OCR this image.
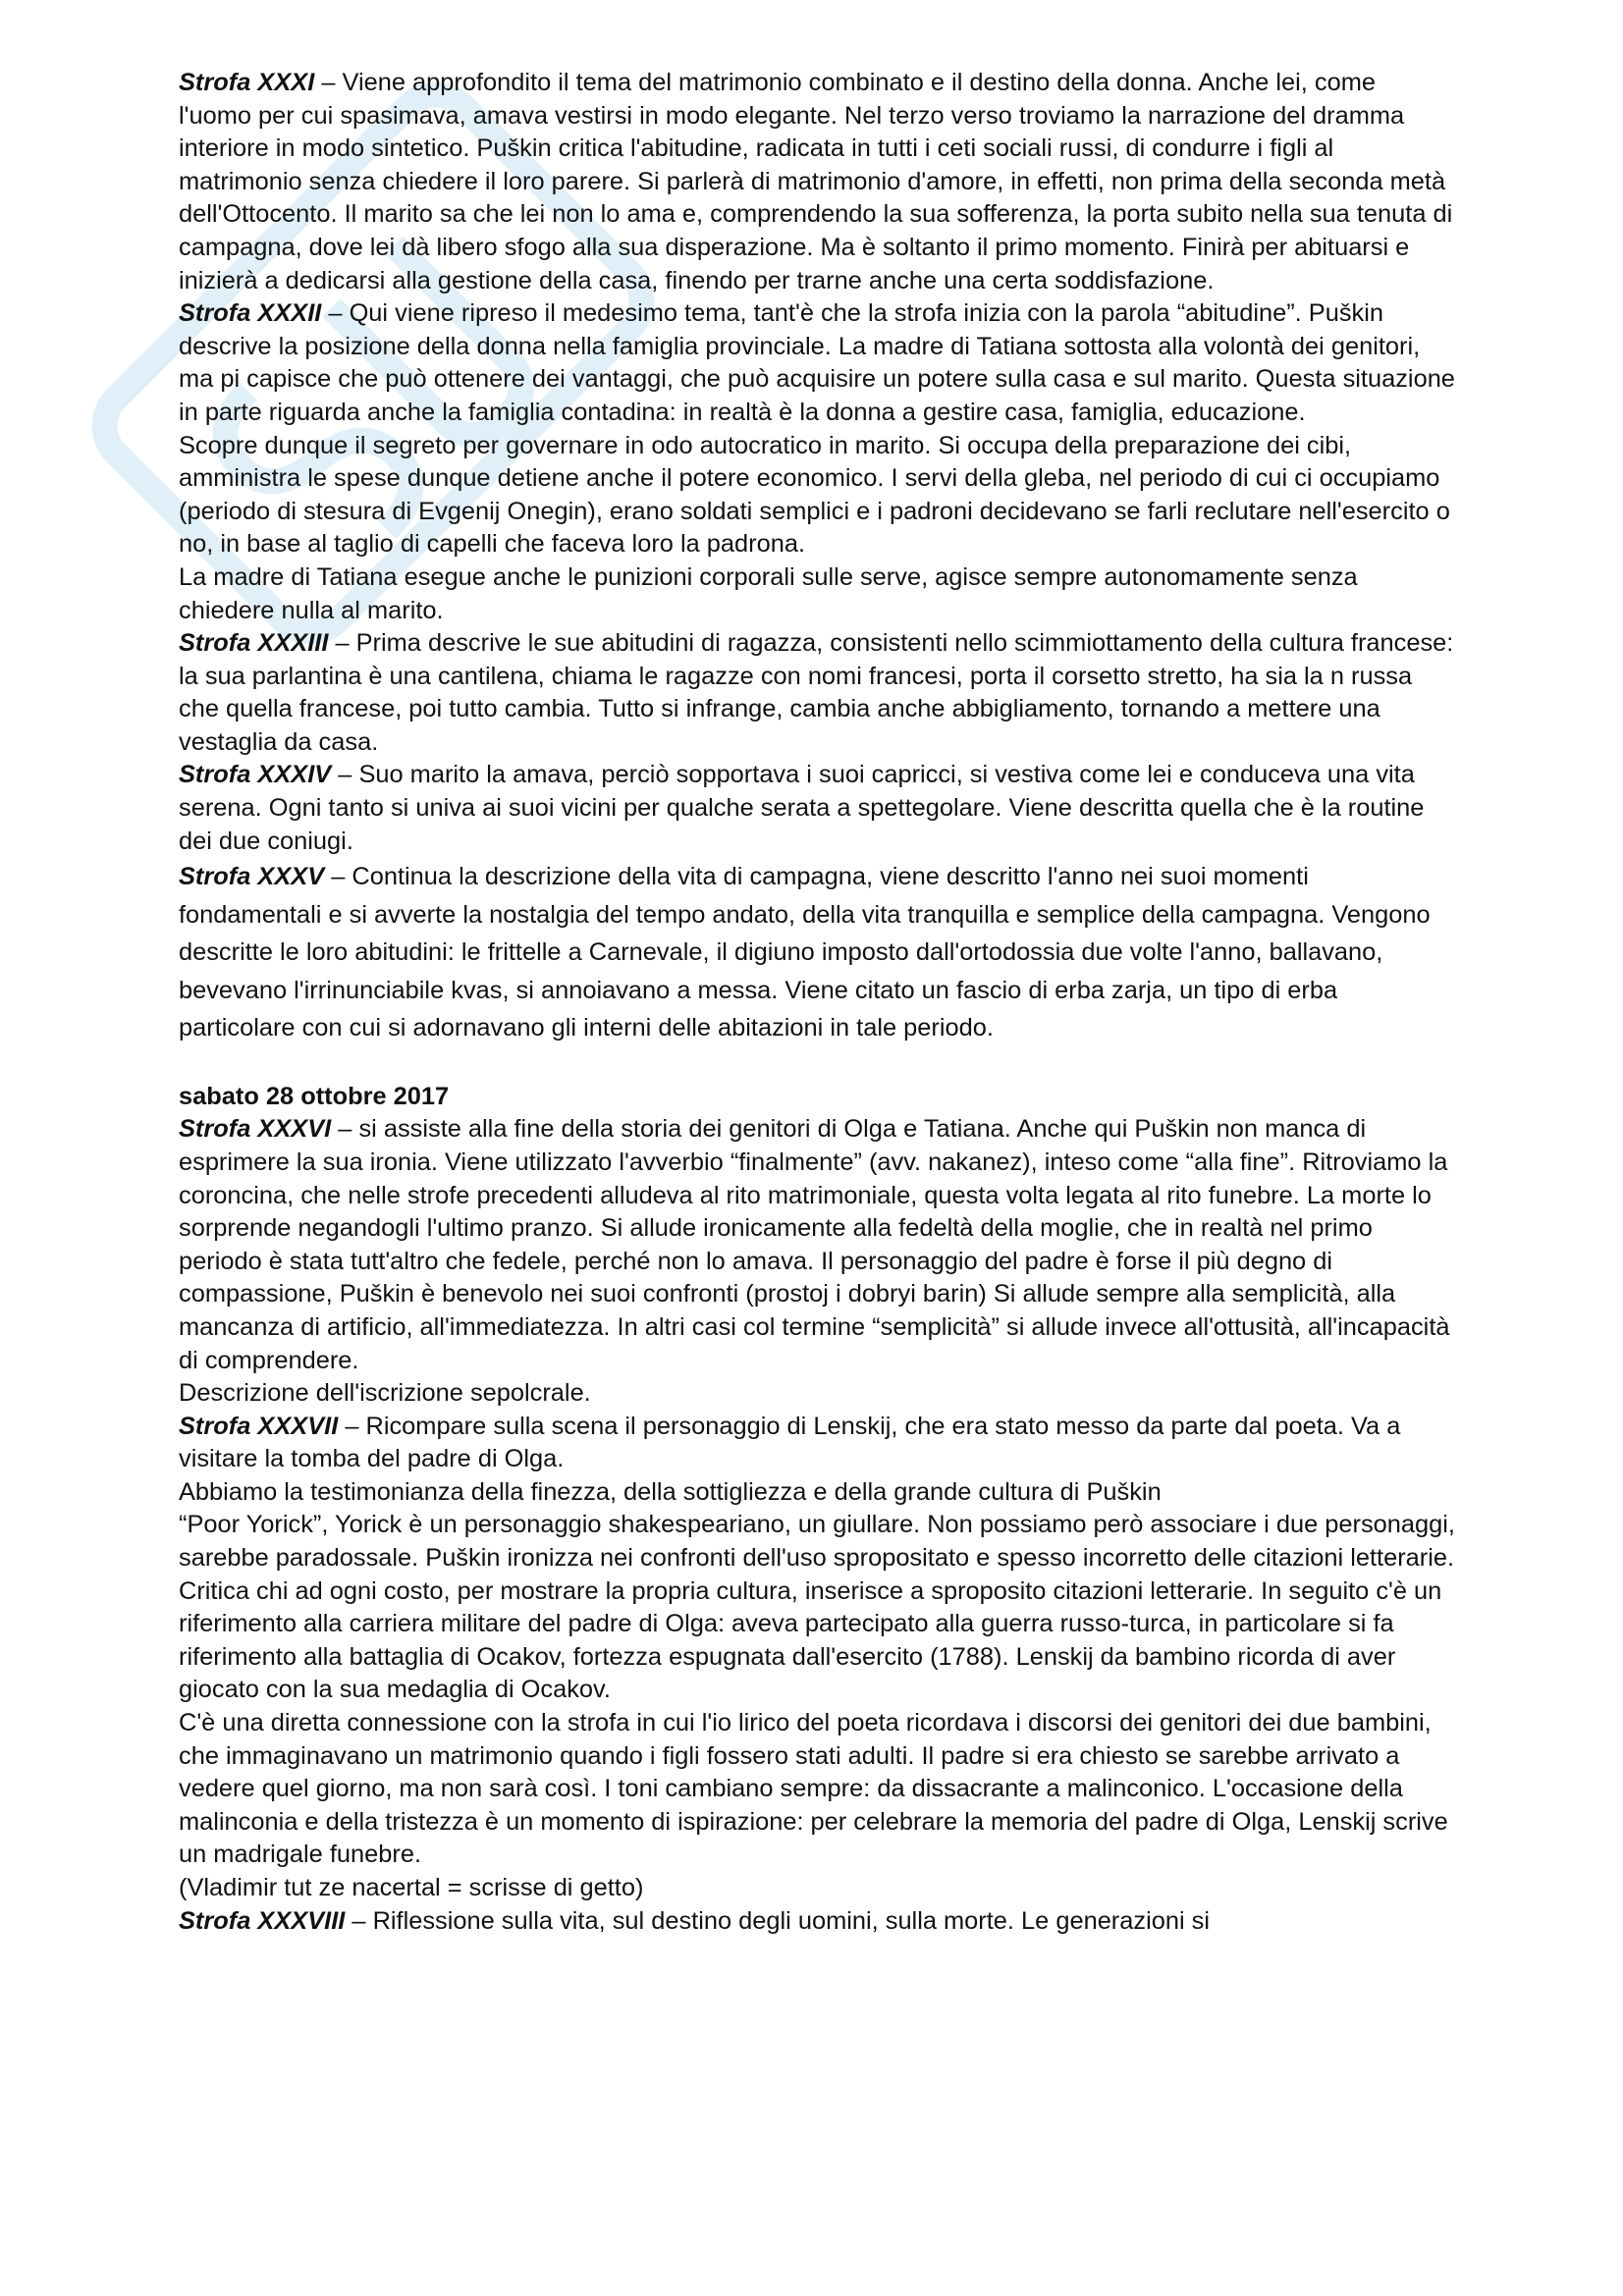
Strofa XXXI – Viene approfondito il tema del matrimonio combinato e il destino della donna. Anche lei, come l'uomo per cui spasimava, amava vestirsi in modo elegante. Nel terzo verso troviamo la narrazione del dramma interiore in modo sintetico. Puškin critica l'abitudine, radicata in tutti i ceti sociali russi, di condurre i figli al matrimonio senza chiedere il loro parere. Si parlerà di matrimonio d'amore, in effetti, non prima della seconda metà dell'Ottocento. Il marito sa che lei non lo ama e, comprendendo la sua sofferenza, la porta subito nella sua tenuta di campagna, dove lei dà libero sfogo alla sua disperazione. Ma è soltanto il primo momento. Finirà per abituarsi e inizierà a dedicarsi alla gestione della casa, finendo per trarne anche una certa soddisfazione.

Strofa XXXII – Qui viene ripreso il medesimo tema, tant'è che la strofa inizia con la parola “abitudine”. Puškin descrive la posizione della donna nella famiglia provinciale. La madre di Tatiana sottosta alla volontà dei genitori, ma pi capisce che può ottenere dei vantaggi, che può acquisire un potere sulla casa e sul marito. Questa situazione in parte riguarda anche la famiglia contadina: in realtà è la donna a gestire casa, famiglia, educazione.

Scopre dunque il segreto per governare in odo autocratico in marito. Si occupa della preparazione dei cibi, amministra le spese dunque detiene anche il potere economico. I servi della gleba, nel periodo di cui ci occupiamo (periodo di stesura di Evgenij Onegin), erano soldati semplici e i padroni decidevano se farli reclutare nell'esercito o no, in base al taglio di capelli che faceva loro la padrona.

La madre di Tatiana esegue anche le punizioni corporali sulle serve, agisce sempre autonomamente senza chiedere nulla al marito.

Strofa XXXIII – Prima descrive le sue abitudini di ragazza, consistenti nello scimmiottamento della cultura francese: la sua parlantina è una cantilena, chiama le ragazze con nomi francesi, porta il corsetto stretto, ha sia la n russa che quella francese, poi tutto cambia. Tutto si infrange, cambia anche abbigliamento, tornando a mettere una vestaglia da casa.

Strofa XXXIV – Suo marito la amava, perciò sopportava i suoi capricci, si vestiva come lei e conduceva una vita serena. Ogni tanto si univa ai suoi vicini per qualche serata a spettegolare. Viene descritta quella che è la routine dei due coniugi.

Strofa XXXV – Continua la descrizione della vita di campagna, viene descritto l'anno nei suoi momenti fondamentali e si avverte la nostalgia del tempo andato, della vita tranquilla e semplice della campagna. Vengono descritte le loro abitudini: le frittelle a Carnevale, il digiuno imposto dall'ortodossia due volte l'anno, ballavano, bevevano l'irrinunciabile kvas, si annoiavano a messa. Viene citato un fascio di erba zarja, un tipo di erba particolare con cui si adornavano gli interni delle abitazioni in tale periodo.

sabato 28 ottobre 2017

Strofa XXXVI – si assiste alla fine della storia dei genitori di Olga e Tatiana. Anche qui Puškin non manca di esprimere la sua ironia. Viene utilizzato l'avverbio “finalmente” (avv. nakanez), inteso come “alla fine”. Ritroviamo la coroncina, che nelle strofe precedenti alludeva al rito matrimoniale, questa volta legata al rito funebre. La morte lo sorprende negandogli l'ultimo pranzo. Si allude ironicamente alla fedeltà della moglie, che in realtà nel primo periodo è stata tutt'altro che fedele, perché non lo amava. Il personaggio del padre è forse il più degno di compassione, Puškin è benevolo nei suoi confronti (prostoj i dobryi barin) Si allude sempre alla semplicità, alla mancanza di artificio, all'immediatezza. In altri casi col termine “semplicità” si allude invece all'ottusità, all'incapacità di comprendere.

Descrizione dell'iscrizione sepolcrale.

Strofa XXXVII – Ricompare sulla scena il personaggio di Lenskij, che era stato messo da parte dal poeta. Va a visitare la tomba del padre di Olga.

Abbiamo la testimonianza della finezza, della sottigliezza e della grande cultura di Puškin

“Poor Yorick”, Yorick è un personaggio shakespeariano, un giullare. Non possiamo però associare i due personaggi, sarebbe paradossale. Puškin ironizza nei confronti dell'uso spropositato e spesso incorretto delle citazioni letterarie. Critica chi ad ogni costo, per mostrare la propria cultura, inserisce a sproposito citazioni letterarie. In seguito c'è un riferimento alla carriera militare del padre di Olga: aveva partecipato alla guerra russo-turca, in particolare si fa riferimento alla battaglia di Ocakov, fortezza espugnata dall'esercito (1788). Lenskij da bambino ricorda di aver giocato con la sua medaglia di Ocakov.

C'è una diretta connessione con la strofa in cui l'io lirico del poeta ricordava i discorsi dei genitori dei due bambini, che immaginavano un matrimonio quando i figli fossero stati adulti. Il padre si era chiesto se sarebbe arrivato a vedere quel giorno, ma non sarà così. I toni cambiano sempre: da dissacrante a malinconico. L'occasione della malinconia e della tristezza è un momento di ispirazione: per celebrare la memoria del padre di Olga, Lenskij scrive un madrigale funebre.

(Vladimir tut ze nacertal = scrisse di getto)

Strofa XXXVIII – Riflessione sulla vita, sul destino degli uomini, sulla morte. Le generazioni si
